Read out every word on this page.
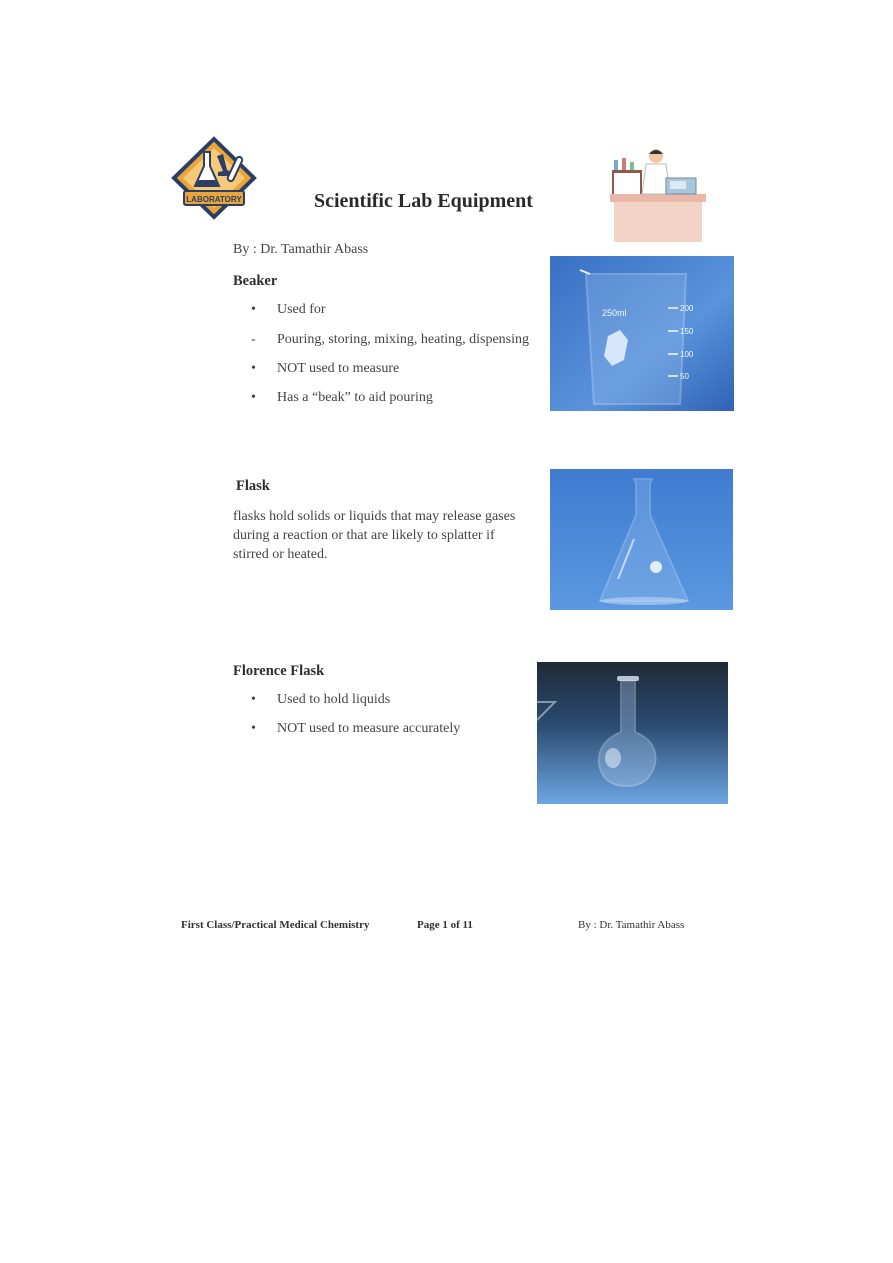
LABORATORY	Scientific Lab Equipment
By : Dr. Tamathir Abass
Beaker
• Used for
- Pouring, storing, mixing, heating, dispensing
• NOT used to measure
• Has a “beak” to aid pouring
250ml	200
150
100
50
Flask
flasks hold solids or liquids that may release gases during a reaction or that are likely to splatter if stirred or heated.
Florence Flask
• Used to hold liquids
• NOT used to measure accurately
First Class/Practical Medical Chemistry	Page 1 of 11	By : Dr. Tamathir Abass
